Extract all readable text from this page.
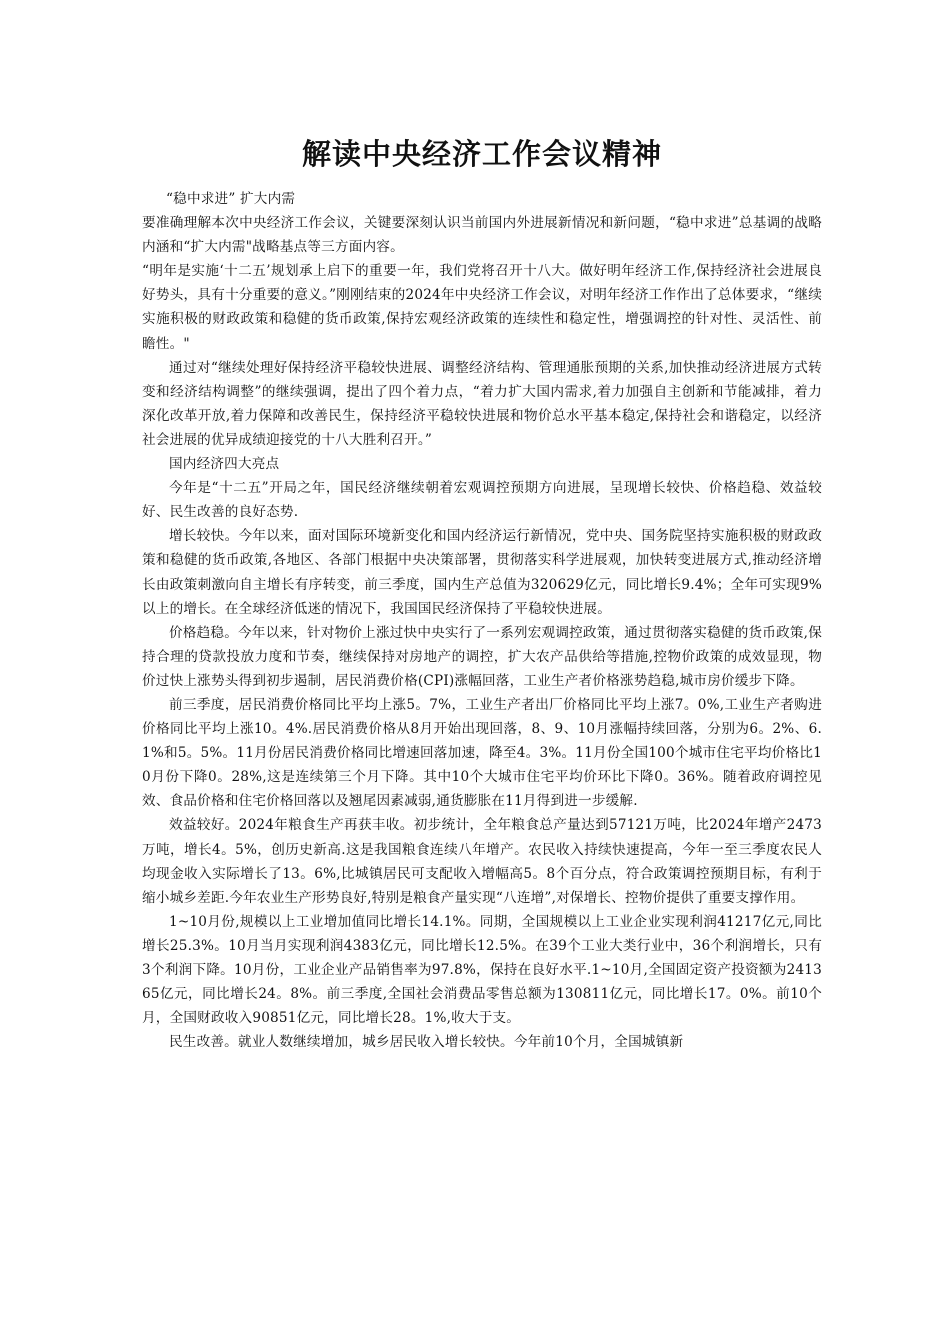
解读中央经济工作会议精神

“稳中求进” 扩大内需

要准确理解本次中央经济工作会议，关键要深刻认识当前国内外进展新情况和新问题，“稳中求进”总基调的战略内涵和“扩大内需"战略基点等三方面内容。

“明年是实施‘十二五’规划承上启下的重要一年，我们党将召开十八大。做好明年经济工作,保持经济社会进展良好势头，具有十分重要的意义。”刚刚结束的2024年中央经济工作会议，对明年经济工作作出了总体要求，“继续实施积极的财政政策和稳健的货币政策,保持宏观经济政策的连续性和稳定性，增强调控的针对性、灵活性、前瞻性。"

通过对“继续处理好保持经济平稳较快进展、调整经济结构、管理通胀预期的关系,加快推动经济进展方式转变和经济结构调整”的继续强调，提出了四个着力点，“着力扩大国内需求,着力加强自主创新和节能减排，着力深化改革开放,着力保障和改善民生，保持经济平稳较快进展和物价总水平基本稳定,保持社会和谐稳定，以经济社会进展的优异成绩迎接党的十八大胜利召开。”

国内经济四大亮点

今年是“十二五”开局之年，国民经济继续朝着宏观调控预期方向进展，呈现增长较快、价格趋稳、效益较好、民生改善的良好态势.

增长较快。今年以来，面对国际环境新变化和国内经济运行新情况，党中央、国务院坚持实施积极的财政政策和稳健的货币政策,各地区、各部门根据中央决策部署，贯彻落实科学进展观，加快转变进展方式,推动经济增长由政策刺激向自主增长有序转变，前三季度，国内生产总值为320629亿元，同比增长9.4%；全年可实现9%以上的增长。在全球经济低迷的情况下，我国国民经济保持了平稳较快进展。

价格趋稳。今年以来，针对物价上涨过快中央实行了一系列宏观调控政策，通过贯彻落实稳健的货币政策,保持合理的贷款投放力度和节奏，继续保持对房地产的调控，扩大农产品供给等措施,控物价政策的成效显现，物价过快上涨势头得到初步遏制，居民消费价格(CPI)涨幅回落，工业生产者价格涨势趋稳,城市房价缓步下降。

前三季度，居民消费价格同比平均上涨5。7%，工业生产者出厂价格同比平均上涨7。0%,工业生产者购进价格同比平均上涨10。4%.居民消费价格从8月开始出现回落，8、9、10月涨幅持续回落，分别为6。2%、6.1%和5。5%。11月份居民消费价格同比增速回落加速，降至4。3%。11月份全国100个城市住宅平均价格比10月份下降0。28%,这是连续第三个月下降。其中10个大城市住宅平均价环比下降0。36%。随着政府调控见效、食品价格和住宅价格回落以及翘尾因素减弱,通货膨胀在11月得到进一步缓解.

效益较好。2024年粮食生产再获丰收。初步统计，全年粮食总产量达到57121万吨，比2024年增产2473万吨，增长4。5%，创历史新高.这是我国粮食连续八年增产。农民收入持续快速提高，今年一至三季度农民人均现金收入实际增长了13。6%,比城镇居民可支配收入增幅高5。8个百分点，符合政策调控预期目标，有利于缩小城乡差距.今年农业生产形势良好,特别是粮食产量实现“八连增”,对保增长、控物价提供了重要支撑作用。

1~10月份,规模以上工业增加值同比增长14.1%。同期，全国规模以上工业企业实现利润41217亿元,同比增长25.3%。10月当月实现利润4383亿元，同比增长12.5%。在39个工业大类行业中，36个利润增长，只有3个利润下降。10月份，工业企业产品销售率为97.8%，保持在良好水平.1~10月,全国固定资产投资额为241365亿元，同比增长24。8%。前三季度,全国社会消费品零售总额为130811亿元，同比增长17。0%。前10个月，全国财政收入90851亿元，同比增长28。1%,收大于支。

民生改善。就业人数继续增加，城乡居民收入增长较快。今年前10个月，全国城镇新
